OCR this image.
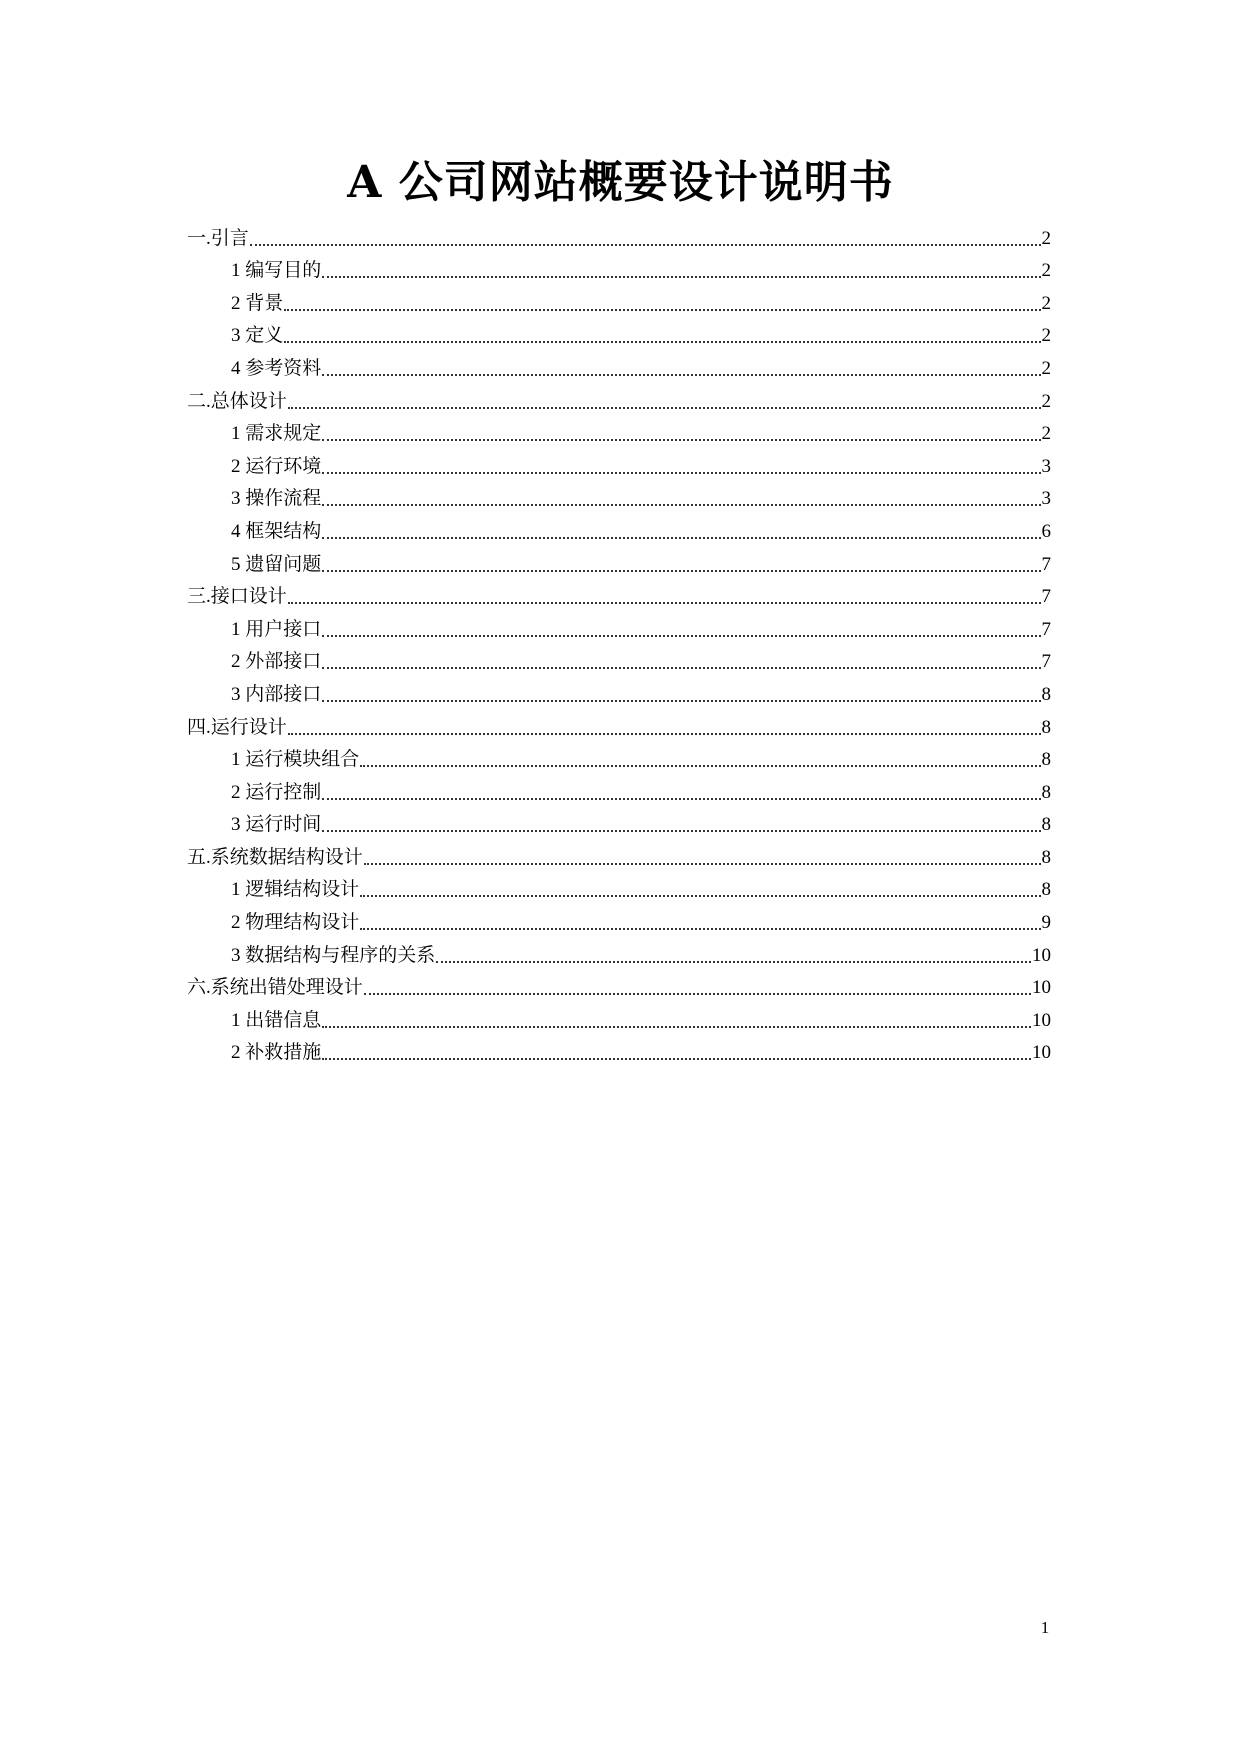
A 公司网站概要设计说明书
一.引言	2
1 编写目的	2
2 背景	2
3 定义	2
4 参考资料	2
二.总体设计	2
1 需求规定	2
2 运行环境	3
3 操作流程	3
4 框架结构	6
5 遗留问题	7
三.接口设计	7
1 用户接口	7
2 外部接口	7
3 内部接口	8
四.运行设计	8
1 运行模块组合	8
2 运行控制	8
3 运行时间	8
五.系统数据结构设计	8
1 逻辑结构设计	8
2 物理结构设计	9
3 数据结构与程序的关系	10
六.系统出错处理设计	10
1 出错信息	10
2 补救措施	10
1
